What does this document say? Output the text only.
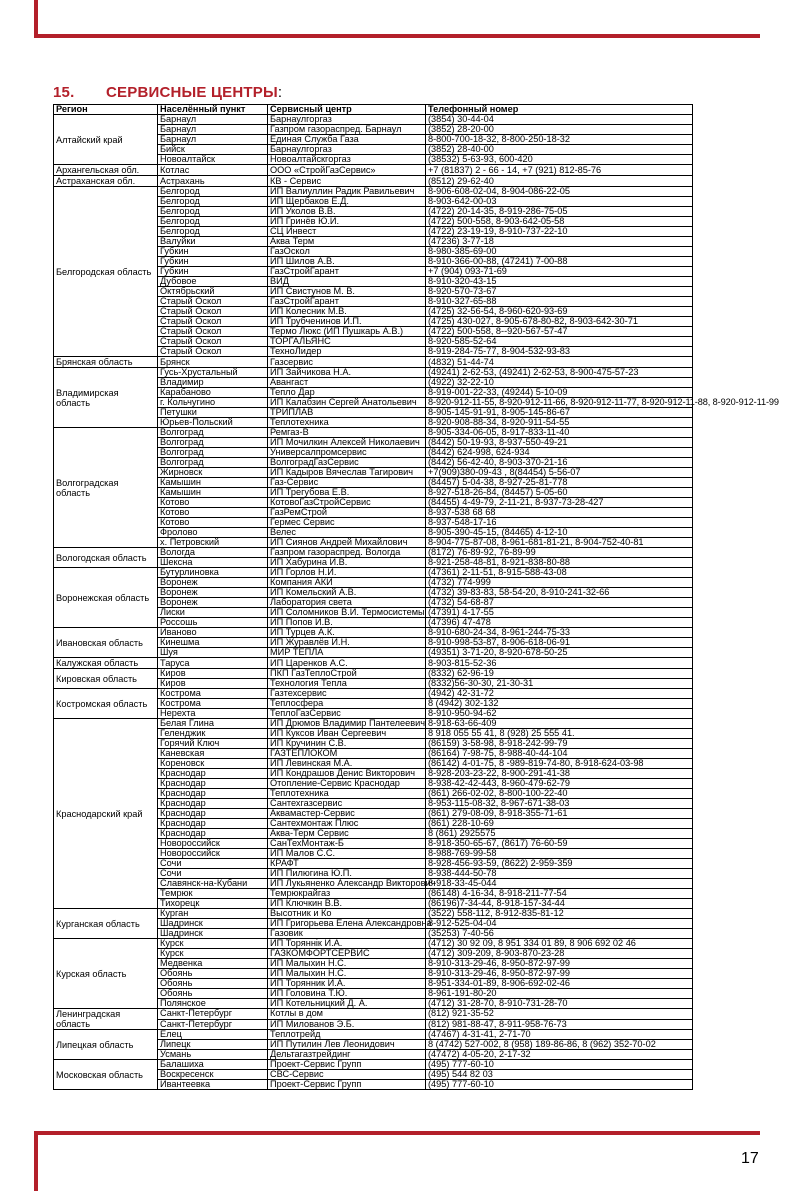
15. СЕРВИСНЫЕ ЦЕНТРЫ:
Регион	Населённый пункт	Сервисный центр	Телефонный номер
Алтайский край	Барнаул	Барнаулгоргаз	(3854) 30-44-04
	Барнаул	Газпром газораспред. Барнаул	(3852) 28-20-00
	Барнаул	Единая Служба Газа	8-800-700-18-32, 8-800-250-18-32
	Бийск	Барнаулгоргаз	(3852) 28-40-00
	Новоалтайск	Новоалтайскгоргаз	(38532) 5-63-93, 600-420
Архангельская обл.	Котлас	ООО «СтройГазСервис»	+7 (81837) 2 - 66 - 14, +7 (921) 812-85-76
Астраханская обл.	Астрахань	КВ - Сервис	(8512) 29-62-40
Белгородская область	Белгород	ИП Валиуллин Радик Равильевич	8-906-608-02-04, 8-904-086-22-05
	Белгород	ИП Щербаков Е.Д.	8-903-642-00-03
	Белгород	ИП Уколов В.В.	(4722) 20-14-35, 8-919-286-75-05
	Белгород	ИП Гринёв Ю.И.	(4722) 500-558, 8-903-642-05-58
	Белгород	СЦ Инвест	(4722) 23-19-19, 8-910-737-22-10
	Валуйки	Аква Терм	(47236) 3-77-18
	Губкин	ГазОскол	8-980-385-69-00
	Губкин	ИП Шилов А.В.	8-910-366-00-88, (47241) 7-00-88
	Губкин	ГазСтройГарант	+7 (904) 093-71-69
	Дубовое	ВИД	8-910-320-43-15
	Октябрьский	ИП Свистунов М. В.	8-920-570-73-67
	Старый Оскол	ГазСтройГарант	8-910-327-65-88
	Старый Оскол	ИП Колесник М.В.	(4725) 32-56-54, 8-960-620-93-69
	Старый Оскол	ИП Трубченинов И.П.	(4725) 430-027, 8-905-678-80-82, 8-903-642-30-71
	Старый Оскол	Термо Люкс (ИП Пушкарь А.В.)	(4722) 500-558, 8--920-567-57-47
	Старый Оскол	ТОРГАЛЬЯНС	8-920-585-52-64
	Старый Оскол	ТехноЛидер	8-919-284-75-77, 8-904-532-93-83
Брянская область	Брянск	Газсервис	(4832) 51-44-74
Владимирская область	Гусь-Хрустальный	ИП Зайчикова Н.А.	(49241) 2-62-53, (49241) 2-62-53, 8-900-475-57-23
	Владимир	Авангаст	(4922) 32-22-10
	Карабаново	Тепло Дар	8-919-001-22-33, (49244) 5-10-09
	г. Кольчугино	ИП Калабзин Сергей Анатольевич	8-920-912-11-55, 8-920-912-11-66, 8-920-912-11-77, 8-920-912-11-88, 8-920-912-11-99
	Петушки	ТРИПЛАВ	8-905-145-91-91, 8-905-145-86-67
	Юрьев-Польский	Теплотехника	8-920-908-88-34, 8-920-911-54-55
Волгоградская область	Волгоград	Ремгаз-В	8-905-334-06-05, 8-917-833-11-40
	Волгоград	ИП Мочилкин Алексей Николаевич	(8442) 50-19-93, 8-937-550-49-21
	Волгоград	Универсалпромсервис	(8442) 624-998, 624-934
	Волгоград	ВолгоградГазСервис	(8442) 56-42-40, 8-903-370-21-16
	Жирновск	ИП Кадыров Вячеслав Тагирович	+7(909)380-09-43 , 8(84454) 5-56-07
	Камышин	Газ-Сервис	(84457) 5-04-38, 8-927-25-81-778
	Камышин	ИП Трегубова Е.В.	8-927-518-26-84, (84457) 5-05-60
	Котово	КотовоГазСтройСервис	(84455) 4-49-79, 2-11-21, 8-937-73-28-427
	Котово	ГазРемСтрой	8-937-538 68 68
	Котово	Гермес Сервис	8-937-548-17-16
	Фролово	Велес	8-905-390-45-15, (84465) 4-12-10
	х. Петровский	ИП Сиянов Андрей Михайлович	8-904-775-87-08, 8-961-681-81-21, 8-904-752-40-81
Вологодская область	Вологда	Газпром газораспред. Вологда	(8172) 76-89-92, 76-89-99
	Шексна	ИП Хабурина И.В.	8-921-258-48-81, 8-921-838-80-88
Воронежская область	Бутурлиновка	ИП Горлов Н.И.	(47361) 2-11-51, 8-915-588-43-08
	Воронеж	Компания АКИ	(4732) 774-999
	Воронеж	ИП Комельский А.В.	(4732) 39-83-83, 58-54-20, 8-910-241-32-66
	Воронеж	Лаборатория света	(4732) 54-68-87
	Лиски	ИП Соломников В.И. Термосистемы	(47391) 4-17-55
	Россошь	ИП Попов И.В.	(47396) 47-478
Ивановская область	Иваново	ИП Турцев А.К.	8-910-680-24-34, 8-961-244-75-33
	Кинешма	ИП Журавлёв И.Н.	8-910-998-53-87, 8-906-618-06-91
	Шуя	МИР ТЕПЛА	(49351) 3-71-20, 8-920-678-50-25
Калужская область	Таруса	ИП Царенков А.С.	8-903-815-52-36
Кировская область	Киров	ПКП ГазТеплоСтрой	(8332) 62-96-19
	Киров	Технология Тепла	(8332)56-30-30, 21-30-31
Костромская область	Кострома	Газтехсервис	(4942) 42-31-72
	Кострома	Теплосфера	8 (4942) 302-132
	Нерехта	ТеплоГазСервис	8-910-950-94-62
Краснодарский край	Белая Глина	ИП Дрюмов Владимир Пантелеевич	8-918-63-66-409
	Геленджик	ИП Куксов Иван Сергеевич	8 918 055 55 41, 8 (928) 25 555 41.
	Горячий Ключ	ИП Кручинин С.В.	(86159) 3-58-98, 8-918-242-99-79
	Каневская	ГАЗТЕПЛОКОМ	(86164) 7-98-75, 8-988-40-44-104
	Кореновск	ИП Левинская М.А.	(86142) 4-01-75, 8 -989-819-74-80, 8-918-624-03-98
	Краснодар	ИП Кондрашов Денис Викторович	8-928-203-23-22, 8-900-291-41-38
	Краснодар	Отопление-Сервис Краснодар	8-938-42-42-443, 8-960-479-62-79
	Краснодар	Теплотехника	(861) 266-02-02, 8-800-100-22-40
	Краснодар	Сантехгазсервис	8-953-115-08-32, 8-967-671-38-03
	Краснодар	Аквамастер-Сервис	(861) 279-08-09, 8-918-355-71-61
	Краснодар	Сантехмонтаж Плюс	(861) 228-10-69
	Краснодар	Аква-Терм Сервис	8 (861) 2925575
	Новороссийск	СанТехМонтаж-Б	8-918-350-65-67, (8617) 76-60-59
	Новороссийск	ИП Малов С.С.	8-988-769-99-58
	Сочи	КРАФТ	8-928-456-93-59, (8622) 2-959-359
	Сочи	ИП Пилюгина Ю.П.	8-938-444-50-78
	Славянск-на-Кубани	ИП Лукьяненко Александр Викторович	8-918-33-45-044
	Темрюк	Темрюкрайгаз	(86148) 4-16-34, 8-918-211-77-54
	Тихорецк	ИП Ключкин В.В.	(86196)7-34-44, 8-918-157-34-44
Курганская область	Курган	Высотник и Ко	(3522) 558-112, 8-912-835-81-12
	Шадринск	ИП Григорьева Елена Александровна	8-912-525-04-04
	Шадринск	Газовик	(35253) 7-40-56
Курская область	Курск	ИП Торяннік И.А.	(4712) 30 92 09, 8 951 334 01 89, 8 906 692 02 46
	Курск	ГАЗКОМФОРТСЕРВИС	(4712) 309-209, 8-903-870-23-28
	Медвенка	ИП Малыхин Н.С.	8-910-313-29-46, 8-950-872-97-99
	Обоянь	ИП Малыхин Н.С.	8-910-313-29-46, 8-950-872-97-99
	Обоянь	ИП Торянник И.А.	8-951-334-01-89, 8-906-692-02-46
	Обоянь	ИП Головина Т.Ю.	8-961-191-80-20
	Полянское	ИП Котельницкий Д. А.	(4712) 31-28-70, 8-910-731-28-70
Ленинградская область	Санкт-Петербург	Котлы в дом	(812) 921-35-52
	Санкт-Петербург	ИП Милованов Э.Б.	(812) 981-88-47, 8-911-958-76-73
Липецкая область	Елец	Теплотрейд	(47467) 4-31-41, 2-71-70
	Липецк	ИП Путилин Лев Леонидович	8 (4742) 527-002, 8 (958) 189-86-86, 8 (962) 352-70-02
	Усмань	Дельтагазтрейдинг	(47472) 4-05-20, 2-17-32
Московская область	Балашиха	Проект-Сервис Групп	(495) 777-60-10
	Воскресенск	СВС-Сервис	(495) 544 82 03
	Ивантеевка	Проект-Сервис Групп	(495) 777-60-10
17
